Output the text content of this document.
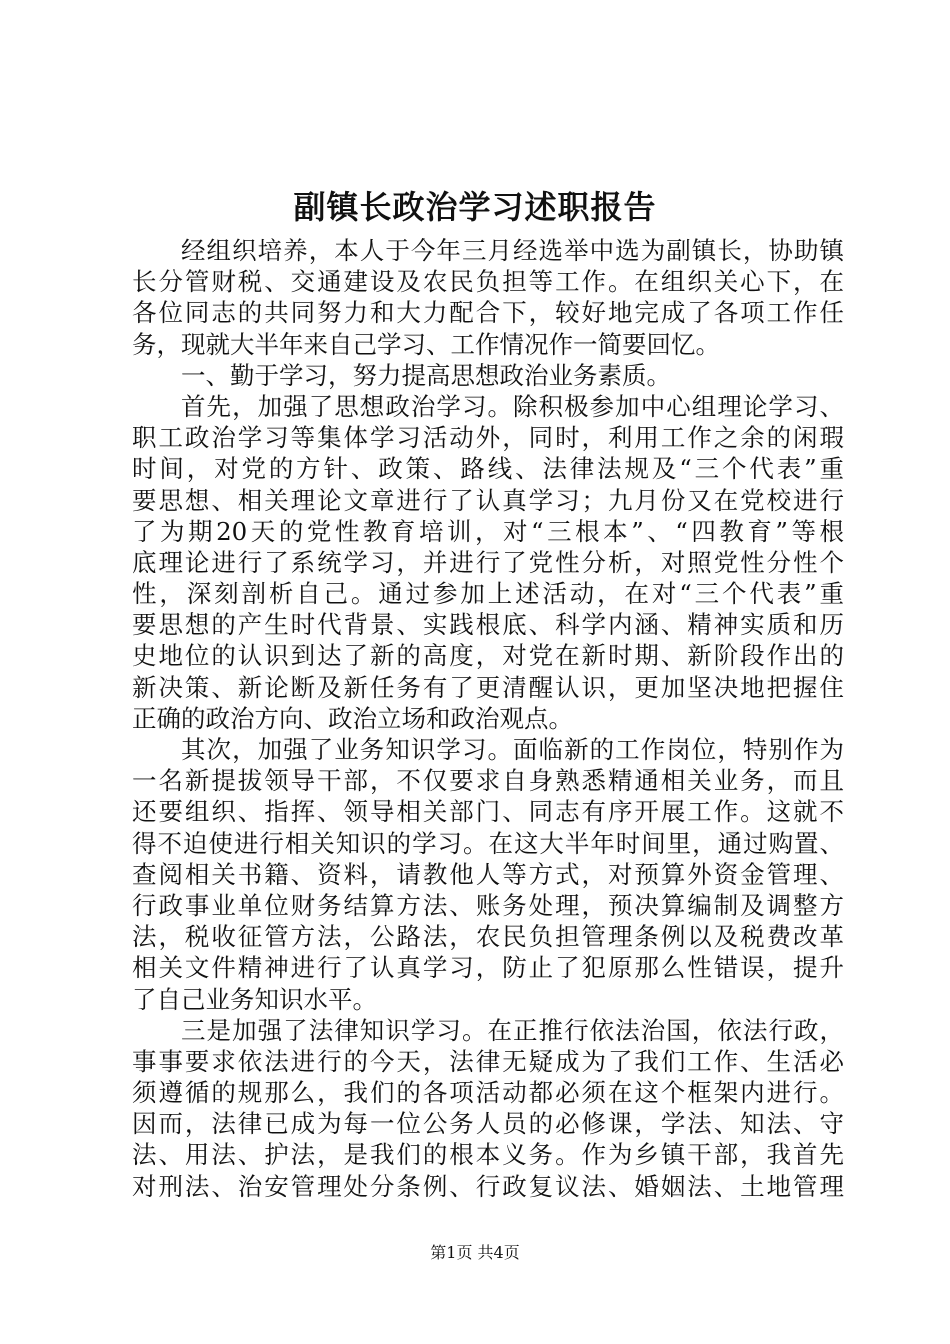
副镇长政治学习述职报告
经组织培养，本人于今年三月经选举中选为副镇长，协助镇
长分管财税、交通建设及农民负担等工作。在组织关心下，在
各位同志的共同努力和大力配合下，较好地完成了各项工作任
务，现就大半年来自己学习、工作情况作一简要回忆。
一、勤于学习，努力提高思想政治业务素质。
首先，加强了思想政治学习。除积极参加中心组理论学习、
职工政治学习等集体学习活动外，同时，利用工作之余的闲瑕
时间，对党的方针、政策、路线、法律法规及“三个代表”重
要思想、相关理论文章进行了认真学习；九月份又在党校进行
了为期20天的党性教育培训，对“三根本”、“四教育”等根
底理论进行了系统学习，并进行了党性分析，对照党性分性个
性，深刻剖析自己。通过参加上述活动，在对“三个代表”重
要思想的产生时代背景、实践根底、科学内涵、精神实质和历
史地位的认识到达了新的高度，对党在新时期、新阶段作出的
新决策、新论断及新任务有了更清醒认识，更加坚决地把握住
正确的政治方向、政治立场和政治观点。
其次，加强了业务知识学习。面临新的工作岗位，特别作为
一名新提拔领导干部，不仅要求自身熟悉精通相关业务，而且
还要组织、指挥、领导相关部门、同志有序开展工作。这就不
得不迫使进行相关知识的学习。在这大半年时间里，通过购置、
查阅相关书籍、资料，请教他人等方式，对预算外资金管理、
行政事业单位财务结算方法、账务处理，预决算编制及调整方
法，税收征管方法，公路法，农民负担管理条例以及税费改革
相关文件精神进行了认真学习，防止了犯原那么性错误，提升
了自己业务知识水平。
三是加强了法律知识学习。在正推行依法治国，依法行政，
事事要求依法进行的今天，法律无疑成为了我们工作、生活必
须遵循的规那么，我们的各项活动都必须在这个框架内进行。
因而，法律已成为每一位公务人员的必修课，学法、知法、守
法、用法、护法，是我们的根本义务。作为乡镇干部，我首先
对刑法、治安管理处分条例、行政复议法、婚姻法、土地管理
第1页 共4页
